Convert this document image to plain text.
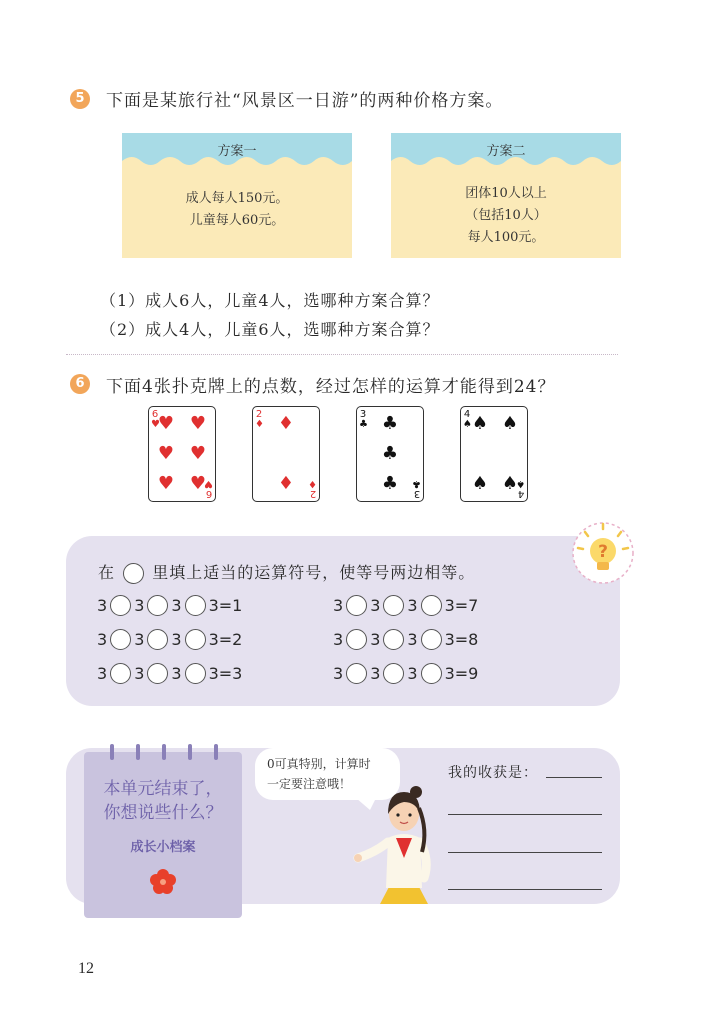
5	下面是某旅行社“风景区一日游”的两种价格方案。
方案一
成人每人150元。
儿童每人60元。
方案二
团体10人以上
（包括10人）
每人100元。
（1）成人6人，儿童4人，选哪种方案合算？
（2）成人4人，儿童6人，选哪种方案合算？
6	下面4张扑克牌上的点数，经过怎样的运算才能得到24？
6
♥
♥ ♥
♥ ♥
♥ ♥ 6
♥
2
♦ ♦
♦ 2
♦
3
♣ ♣
♣
♣ 3
♣
4
♠ ♠ ♠
♠ ♠ 4
♠
?
在 里填上适当的运算符号，使等号两边相等。
3 3 3 3=1
3 3 3 3=2
3 3 3 3=3
3 3 3 3=7
3 3 3 3=8
3 3 3 3=9
本单元结束了，
你想说些什么？
成长小档案
0可真特别，计算时
一定要注意哦！
我的收获是：
12
